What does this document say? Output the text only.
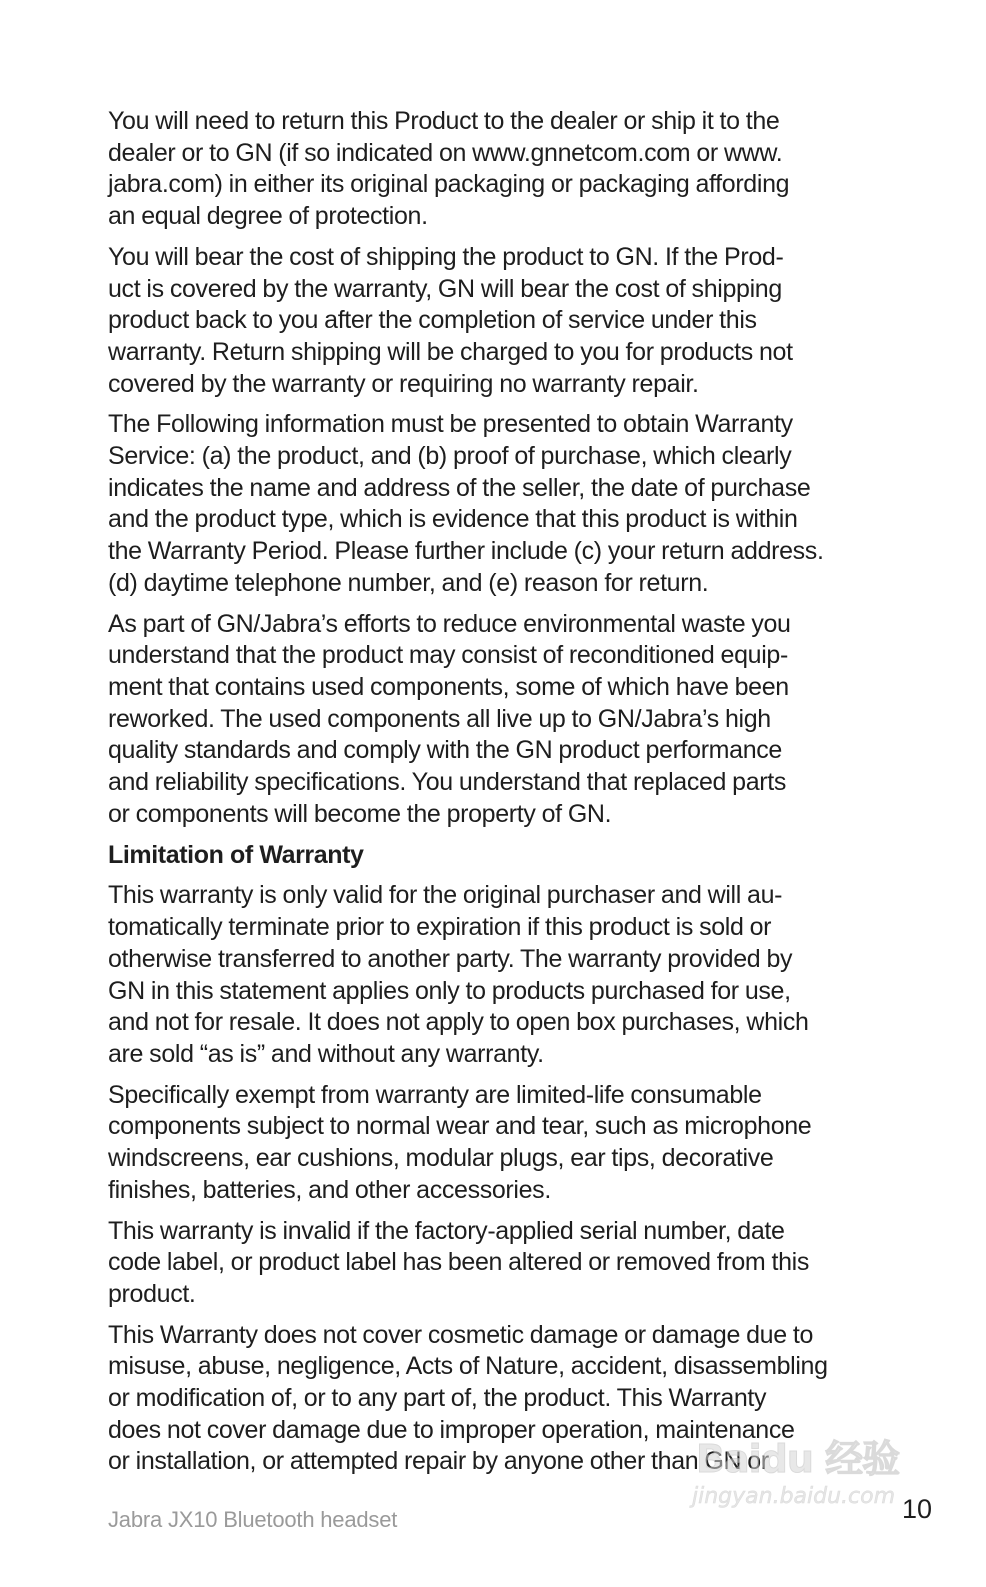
You will need to return this Product to the dealer or ship it to the
dealer or to GN (if so indicated on www.gnnetcom.com or www.
jabra.com) in either its original packaging or packaging affording
an equal degree of protection.

You will bear the cost of shipping the product to GN. If the Prod-
uct is covered by the warranty, GN will bear the cost of shipping
product back to you after the completion of service under this
warranty. Return shipping will be charged to you for products not
covered by the warranty or requiring no warranty repair.

The Following information must be presented to obtain Warranty
Service: (a) the product, and (b) proof of purchase, which clearly
indicates the name and address of the seller, the date of purchase
and the product type, which is evidence that this product is within
the Warranty Period. Please further include (c) your return address.
(d) daytime telephone number, and (e) reason for return.

As part of GN/Jabra’s efforts to reduce environmental waste you
understand that the product may consist of reconditioned equip-
ment that contains used components, some of which have been
reworked. The used components all live up to GN/Jabra’s high
quality standards and comply with the GN product performance
and reliability specifications. You understand that replaced parts
or components will become the property of GN.

Limitation of Warranty

This warranty is only valid for the original purchaser and will au-
tomatically terminate prior to expiration if this product is sold or
otherwise transferred to another party. The warranty provided by
GN in this statement applies only to products purchased for use,
and not for resale. It does not apply to open box purchases, which
are sold “as is” and without any warranty.

Specifically exempt from warranty are limited-life consumable
components subject to normal wear and tear, such as microphone
windscreens, ear cushions, modular plugs, ear tips, decorative
finishes, batteries, and other accessories.

This warranty is invalid if the factory-applied serial number, date
code label, or product label has been altered or removed from this
product.

This Warranty does not cover cosmetic damage or damage due to
misuse, abuse, negligence, Acts of Nature, accident, disassembling
or modification of, or to any part of, the product. This Warranty
does not cover damage due to improper operation, maintenance
or installation, or attempted repair by anyone other than GN or

Jabra JX10 Bluetooth headset	10
Baidu 经验
jingyan.baidu.com
